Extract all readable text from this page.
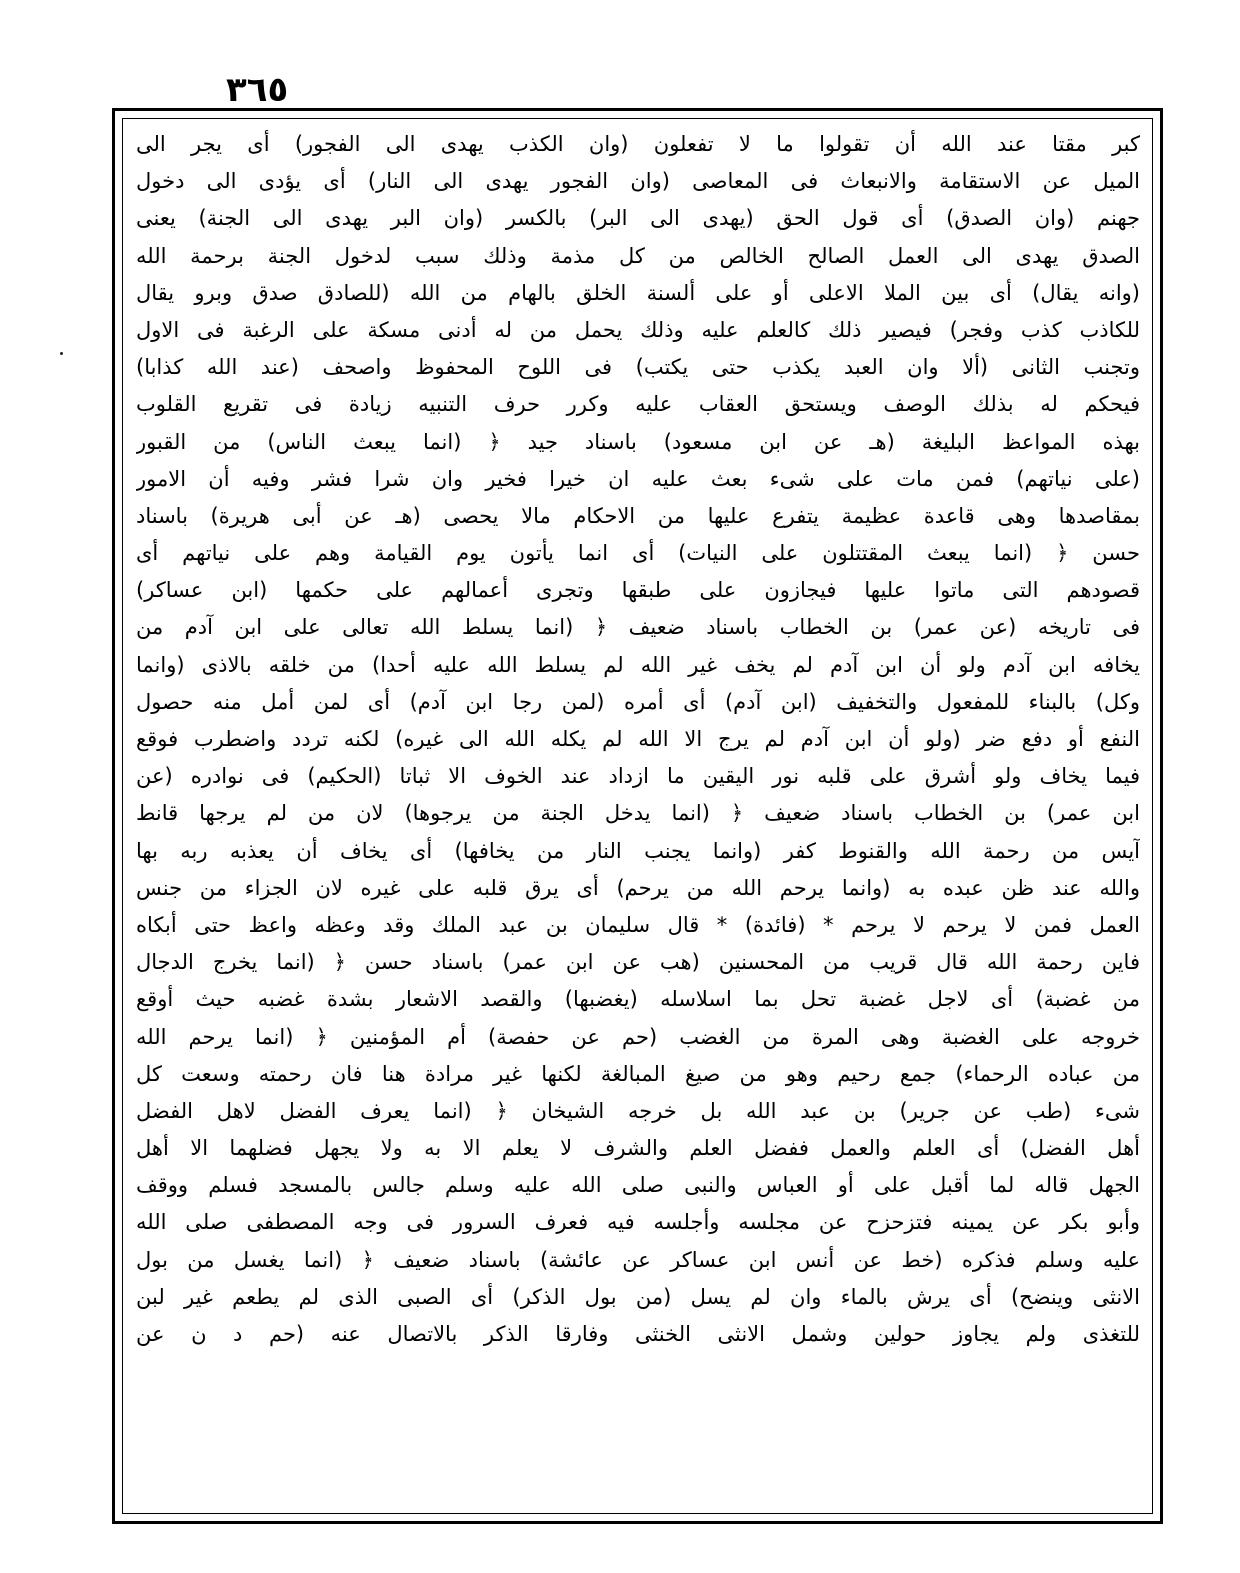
٣٦٥
كبر مقتا عند الله أن تقولوا ما لا تفعلون (وان الكذب يهدى الى الفجور) أى يجر الى
الميل عن الاستقامة والانبعاث فى المعاصى (وان الفجور يهدى الى النار) أى يؤدى الى دخول
جهنم (وان الصدق) أى قول الحق (يهدى الى البر) بالكسر (وان البر يهدى الى الجنة) يعنى
الصدق يهدى الى العمل الصالح الخالص من كل مذمة وذلك سبب لدخول الجنة برحمة الله
(وانه يقال) أى بين الملا الاعلى أو على ألسنة الخلق بالهام من الله (للصادق صدق وبرو يقال
للكاذب كذب وفجر) فيصير ذلك كالعلم عليه وذلك يحمل من له أدنى مسكة على الرغبة فى الاول
وتجنب الثانى (ألا وان العبد يكذب حتى يكتب) فى اللوح المحفوظ واصحف (عند الله كذابا)
فيحكم له بذلك الوصف ويستحق العقاب عليه وكرر حرف التنبيه زيادة فى تقريع القلوب
بهذه المواعظ البليغة (هـ عن ابن مسعود) باسناد جيد ﴿ (انما يبعث الناس) من القبور
(على نياتهم) فمن مات على شىء بعث عليه ان خيرا فخير وان شرا فشر وفيه أن الامور
بمقاصدها وهى قاعدة عظيمة يتفرع عليها من الاحكام مالا يحصى (هـ عن أبى هريرة) باسناد
حسن ﴿ (انما يبعث المقتتلون على النيات) أى انما يأتون يوم القيامة وهم على نياتهم أى
قصودهم التى ماتوا عليها فيجازون على طبقها وتجرى أعمالهم على حكمها (ابن عساكر)
فى تاريخه (عن عمر) بن الخطاب باسناد ضعيف ﴿ (انما يسلط الله تعالى على ابن آدم من
يخافه ابن آدم ولو أن ابن آدم لم يخف غير الله لم يسلط الله عليه أحدا) من خلقه بالاذى (وانما
وكل) بالبناء للمفعول والتخفيف (ابن آدم) أى أمره (لمن رجا ابن آدم) أى لمن أمل منه حصول
النفع أو دفع ضر (ولو أن ابن آدم لم يرج الا الله لم يكله الله الى غيره) لكنه تردد واضطرب فوقع
فيما يخاف ولو أشرق على قلبه نور اليقين ما ازداد عند الخوف الا ثباتا (الحكيم) فى نوادره (عن
ابن عمر) بن الخطاب باسناد ضعيف ﴿ (انما يدخل الجنة من يرجوها) لان من لم يرجها قانط
آيس من رحمة الله والقنوط كفر (وانما يجنب النار من يخافها) أى يخاف أن يعذبه ربه بها
والله عند ظن عبده به (وانما يرحم الله من يرحم) أى يرق قلبه على غيره لان الجزاء من جنس
العمل فمن لا يرحم لا يرحم * (فائدة) * قال سليمان بن عبد الملك وقد وعظه واعظ حتى أبكاه
فاين رحمة الله قال قريب من المحسنين (هب عن ابن عمر) باسناد حسن ﴿ (انما يخرج الدجال
من غضبة) أى لاجل غضبة تحل بما اسلاسله (يغضبها) والقصد الاشعار بشدة غضبه حيث أوقع
خروجه على الغضبة وهى المرة من الغضب (حم عن حفصة) أم المؤمنين ﴿ (انما يرحم الله
من عباده الرحماء) جمع رحيم وهو من صيغ المبالغة لكنها غير مرادة هنا فان رحمته وسعت كل
شىء (طب عن جرير) بن عبد الله بل خرجه الشيخان ﴿ (انما يعرف الفضل لاهل الفضل
أهل الفضل) أى العلم والعمل ففضل العلم والشرف لا يعلم الا به ولا يجهل فضلهما الا أهل
الجهل قاله لما أقبل على أو العباس والنبى صلى الله عليه وسلم جالس بالمسجد فسلم ووقف
وأبو بكر عن يمينه فتزحزح عن مجلسه وأجلسه فيه فعرف السرور فى وجه المصطفى صلى الله
عليه وسلم فذكره (خط عن أنس ابن عساكر عن عائشة) باسناد ضعيف ﴿ (انما يغسل من بول
الانثى وينضح) أى يرش بالماء وان لم يسل (من بول الذكر) أى الصبى الذى لم يطعم غير لبن
للتغذى ولم يجاوز حولين وشمل الانثى الخنثى وفارقا الذكر بالاتصال عنه (حم د ن عن
